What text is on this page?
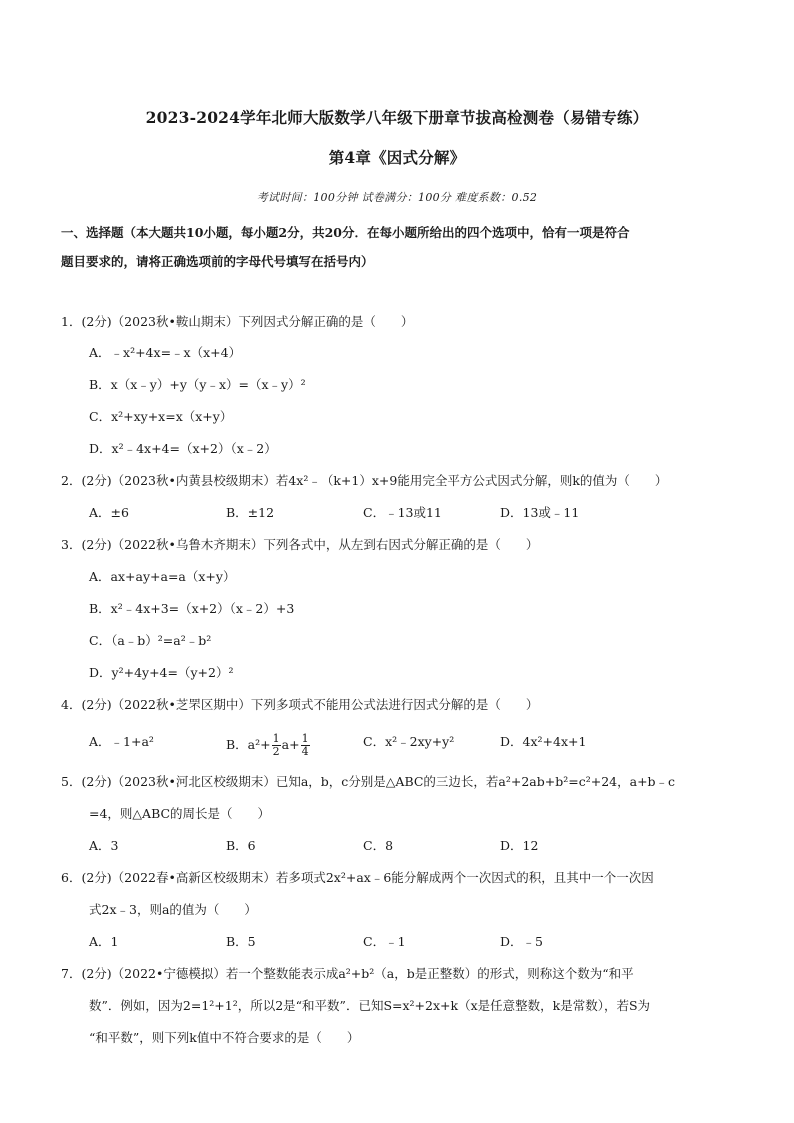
2023-2024学年北师大版数学八年级下册章节拔高检测卷（易错专练）
第4章《因式分解》
考试时间：100分钟 试卷满分：100分 难度系数：0.52
一、选择题（本大题共10小题，每小题2分，共20分．在每小题所给出的四个选项中，恰有一项是符合
题目要求的，请将正确选项前的字母代号填写在括号内）
1．(2分)（2023秋•鞍山期末）下列因式分解正确的是（　　）
A．﹣x²+4x=﹣x（x+4）
B．x（x﹣y）+y（y﹣x）=（x﹣y）²
C．x²+xy+x=x（x+y）
D．x²﹣4x+4=（x+2）（x﹣2）
2．(2分)（2023秋•内黄县校级期末）若4x²﹣（k+1）x+9能用完全平方公式因式分解，则k的值为（　　）
A．±6	B．±12	C．﹣13或11	D．13或﹣11
3．(2分)（2022秋•乌鲁木齐期末）下列各式中，从左到右因式分解正确的是（　　）
A．ax+ay+a=a（x+y）
B．x²﹣4x+3=（x+2）（x﹣2）+3
C．（a﹣b）²=a²﹣b²
D．y²+4y+4=（y+2）²
4．(2分)（2022秋•芝罘区期中）下列多项式不能用公式法进行因式分解的是（　　）
A．﹣1+a²	B．$a^2+ \frac{1}{2} a+ \frac{1}{4}$	C．x²﹣2xy+y²	D．4x²+4x+1
5．(2分)（2023秋•河北区校级期末）已知a，b，c分别是△ABC的三边长，若a²+2ab+b²=c²+24，a+b﹣c
=4，则△ABC的周长是（　　）
A．3	B．6	C．8	D．12
6．(2分)（2022春•高新区校级期末）若多项式2x²+ax﹣6能分解成两个一次因式的积，且其中一个一次因
式2x﹣3，则a的值为（　　）
A．1	B．5	C．﹣1	D．﹣5
7．(2分)（2022•宁德模拟）若一个整数能表示成a²+b²（a，b是正整数）的形式，则称这个数为“和平
数”．例如，因为2=1²+1²，所以2是“和平数”．已知S=x²+2x+k（x是任意整数，k是常数），若S为
“和平数”，则下列k值中不符合要求的是（　　）
